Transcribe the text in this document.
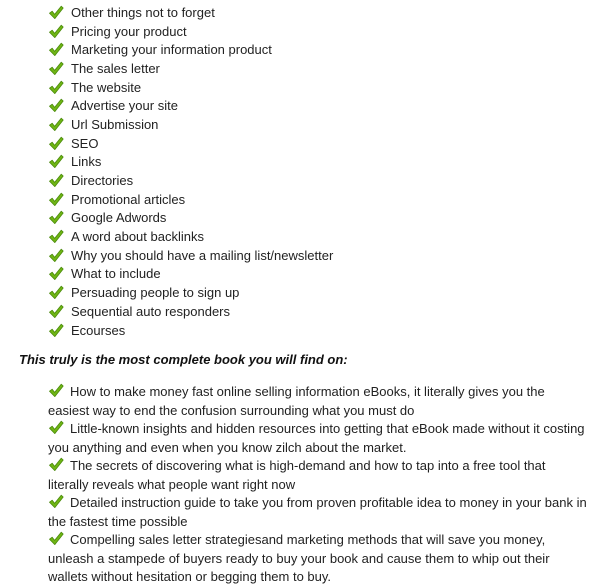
Other things not to forget
Pricing your product
Marketing your information product
The sales letter
The website
Advertise your site
Url Submission
SEO
Links
Directories
Promotional articles
Google Adwords
A word about backlinks
Why you should have a mailing list/newsletter
What to include
Persuading people to sign up
Sequential auto responders
Ecourses

This truly is the most complete book you will find on:

How to make money fast online selling information eBooks, it literally gives you the easiest way to end the confusion surrounding what you must do
Little-known insights and hidden resources into getting that eBook made without it costing you anything and even when you know zilch about the market.
The secrets of discovering what is high-demand and how to tap into a free tool that literally reveals what people want right now
Detailed instruction guide to take you from proven profitable idea to money in your bank in the fastest time possible
Compelling sales letter strategiesand marketing methods that will save you money, unleash a stampede of buyers ready to buy your book and cause them to whip out their wallets without hesitation or begging them to buy.
